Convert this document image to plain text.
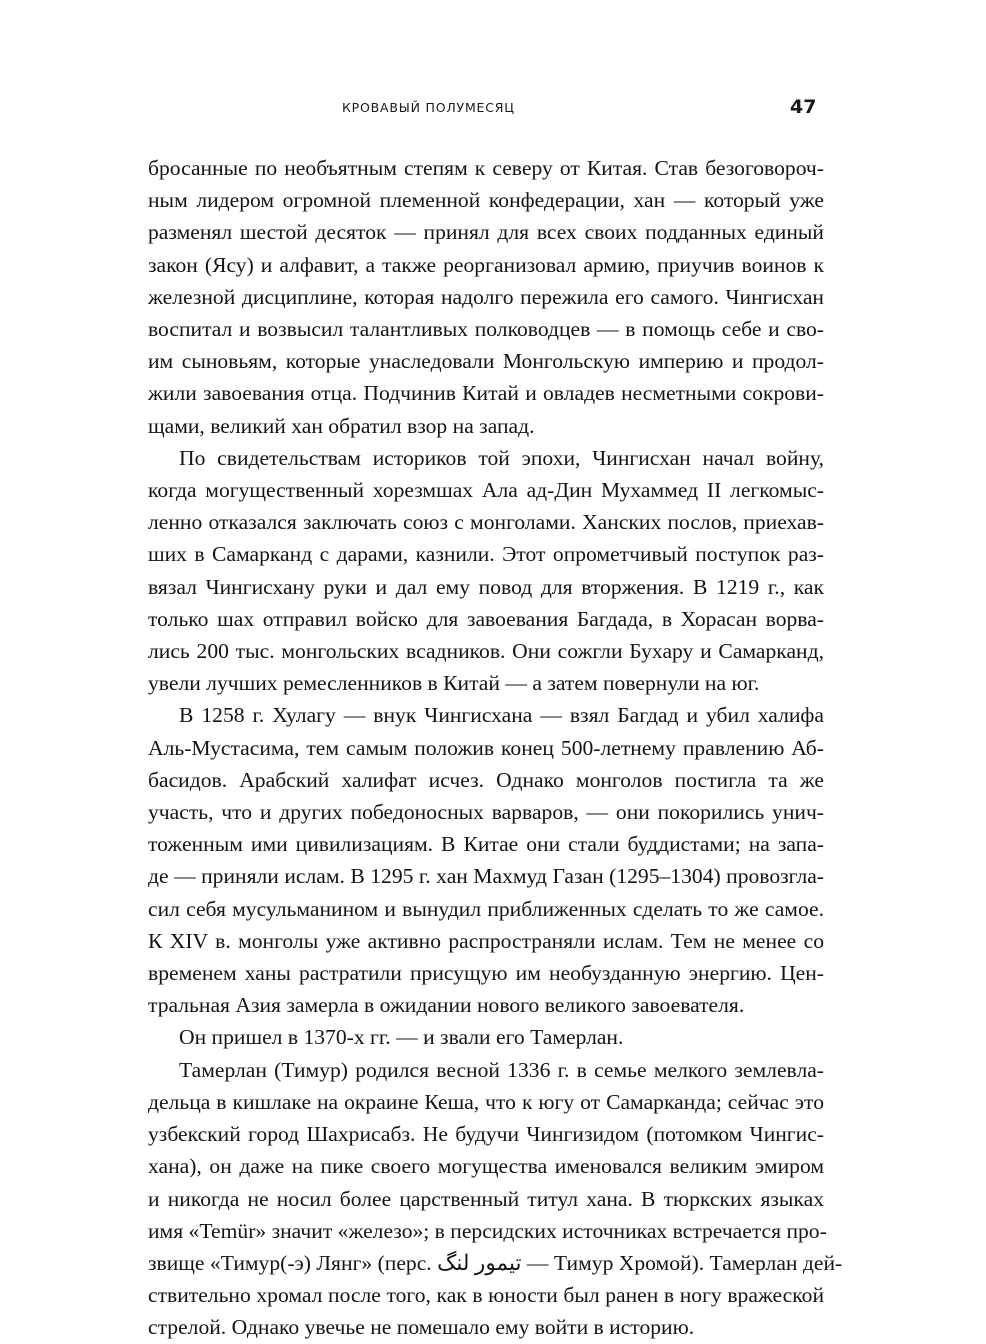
КРОВАВЫЙ ПОЛУМЕСЯЦ	47

бросанные по необъятным степям к северу от Китая. Став безоговороч-
ным лидером огромной племенной конфедерации, хан — который уже
разменял шестой десяток — принял для всех своих подданных единый
закон (Ясу) и алфавит, а также реорганизовал армию, приучив воинов к
железной дисциплине, которая надолго пережила его самого. Чингисхан
воспитал и возвысил талантливых полководцев — в помощь себе и сво-
им сыновьям, которые унаследовали Монгольскую империю и продол-
жили завоевания отца. Подчинив Китай и овладев несметными сокрови-
щами, великий хан обратил взор на запад.

По свидетельствам историков той эпохи, Чингисхан начал войну,
когда могущественный хорезмшах Ала ад-Дин Мухаммед II легкомыс-
ленно отказался заключать союз с монголами. Ханских послов, приехав-
ших в Самарканд с дарами, казнили. Этот опрометчивый поступок раз-
вязал Чингисхану руки и дал ему повод для вторжения. В 1219 г., как
только шах отправил войско для завоевания Багдада, в Хорасан ворва-
лись 200 тыс. монгольских всадников. Они сожгли Бухару и Самарканд,
увели лучших ремесленников в Китай — а затем повернули на юг.

В 1258 г. Хулагу — внук Чингисхана — взял Багдад и убил халифа
Аль-Мустасима, тем самым положив конец 500-летнему правлению Аб-
басидов. Арабский халифат исчез. Однако монголов постигла та же
участь, что и других победоносных варваров, — они покорились унич-
тоженным ими цивилизациям. В Китае они стали буддистами; на запа-
де — приняли ислам. В 1295 г. хан Махмуд Газан (1295–1304) провозгла-
сил себя мусульманином и вынудил приближенных сделать то же самое.
К XIV в. монголы уже активно распространяли ислам. Тем не менее со
временем ханы растратили присущую им необузданную энергию. Цен-
тральная Азия замерла в ожидании нового великого завоевателя.

Он пришел в 1370-х гг. — и звали его Тамерлан.

Тамерлан (Тимур) родился весной 1336 г. в семье мелкого землевла-
дельца в кишлаке на окраине Кеша, что к югу от Самарканда; сейчас это
узбекский город Шахрисабз. Не будучи Чингизидом (потомком Чингис-
хана), он даже на пике своего могущества именовался великим эмиром
и никогда не носил более царственный титул хана. В тюркских языках
имя «Temür» значит «железо»; в персидских источниках встречается про-
звище «Тимур(-э) Лянг» (перс. تیمور لنگ — Тимур Хромой). Тамерлан дей-
ствительно хромал после того, как в юности был ранен в ногу вражеской
стрелой. Однако увечье не помешало ему войти в историю.
